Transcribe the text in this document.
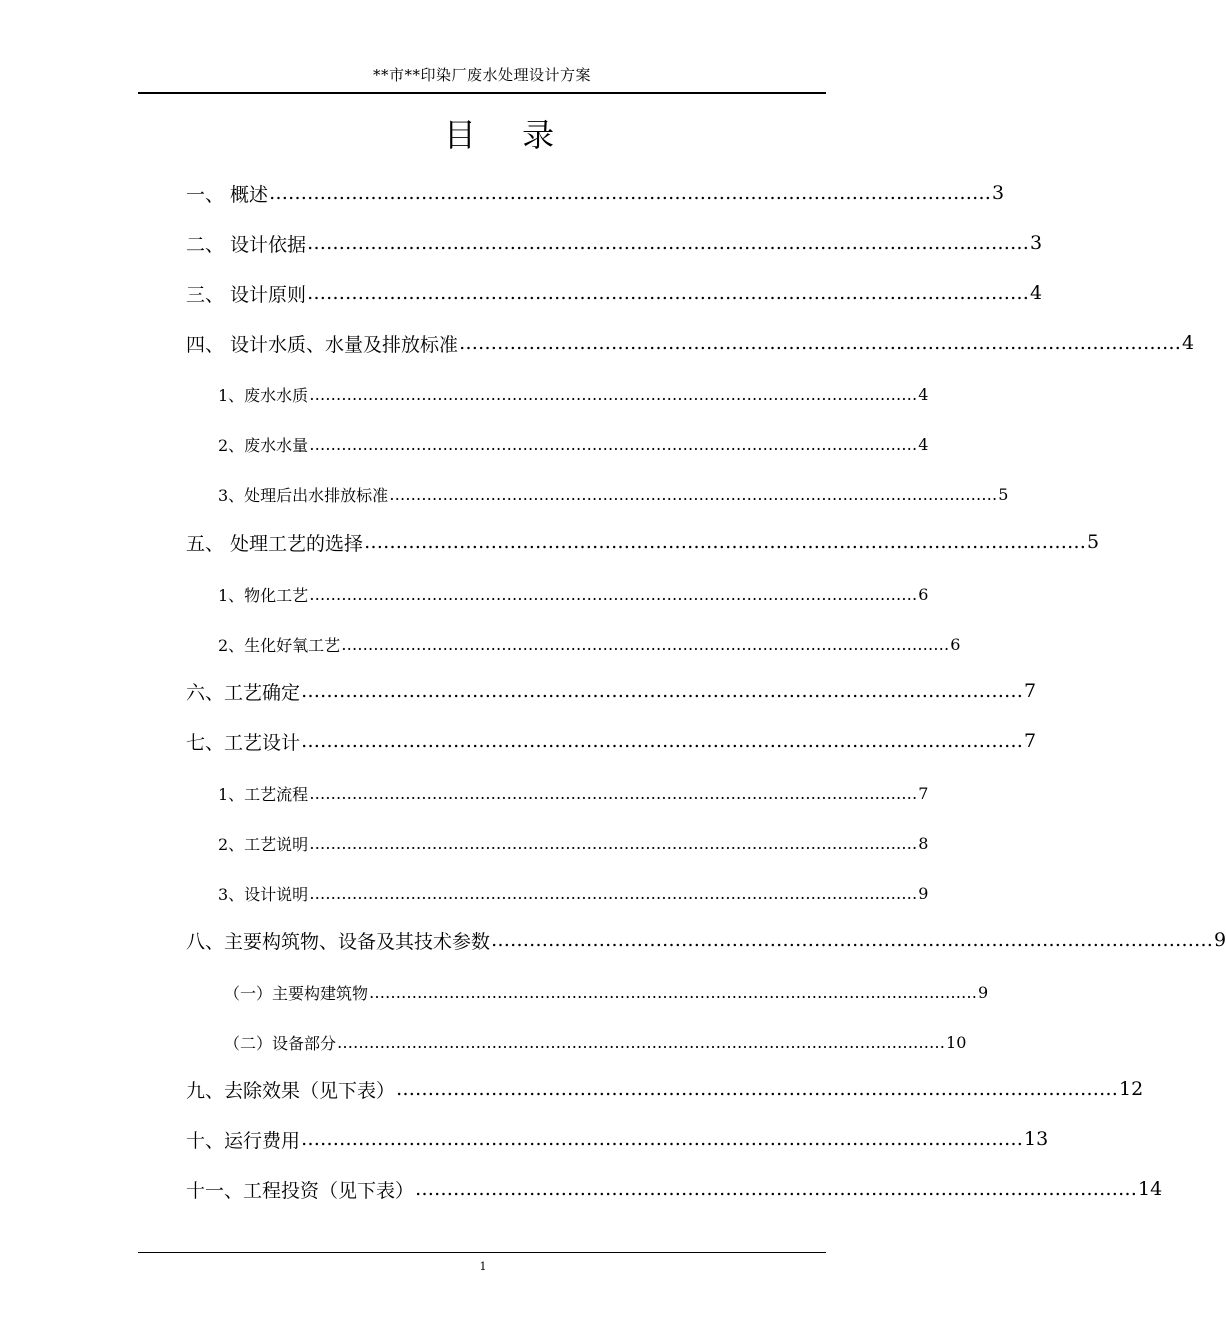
**市**印染厂废水处理设计方案
目 录
一、 概述 …………………………………………………………………………………………………… 3
二、 设计依据 …………………………………………………………………………………………………… 3
三、 设计原则 …………………………………………………………………………………………………… 4
四、 设计水质、水量及排放标准 …………………………………………………………………………………………………… 4
1、废水水质 …………………………………………………………………………………………………… 4
2、废水水量 …………………………………………………………………………………………………… 4
3、处理后出水排放标准 …………………………………………………………………………………………………… 5
五、 处理工艺的选择 …………………………………………………………………………………………………… 5
1、物化工艺 …………………………………………………………………………………………………… 6
2、生化好氧工艺 …………………………………………………………………………………………………… 6
六、工艺确定 …………………………………………………………………………………………………… 7
七、工艺设计 …………………………………………………………………………………………………… 7
1、工艺流程 …………………………………………………………………………………………………… 7
2、工艺说明 …………………………………………………………………………………………………… 8
3、设计说明 …………………………………………………………………………………………………… 9
八、主要构筑物、设备及其技术参数 …………………………………………………………………………………………………… 9
（一）主要构建筑物 …………………………………………………………………………………………………… 9
（二）设备部分 …………………………………………………………………………………………………… 10
九、去除效果（见下表） …………………………………………………………………………………………………… 12
十、运行费用 …………………………………………………………………………………………………… 13
十一、工程投资（见下表） …………………………………………………………………………………………………… 14
1
